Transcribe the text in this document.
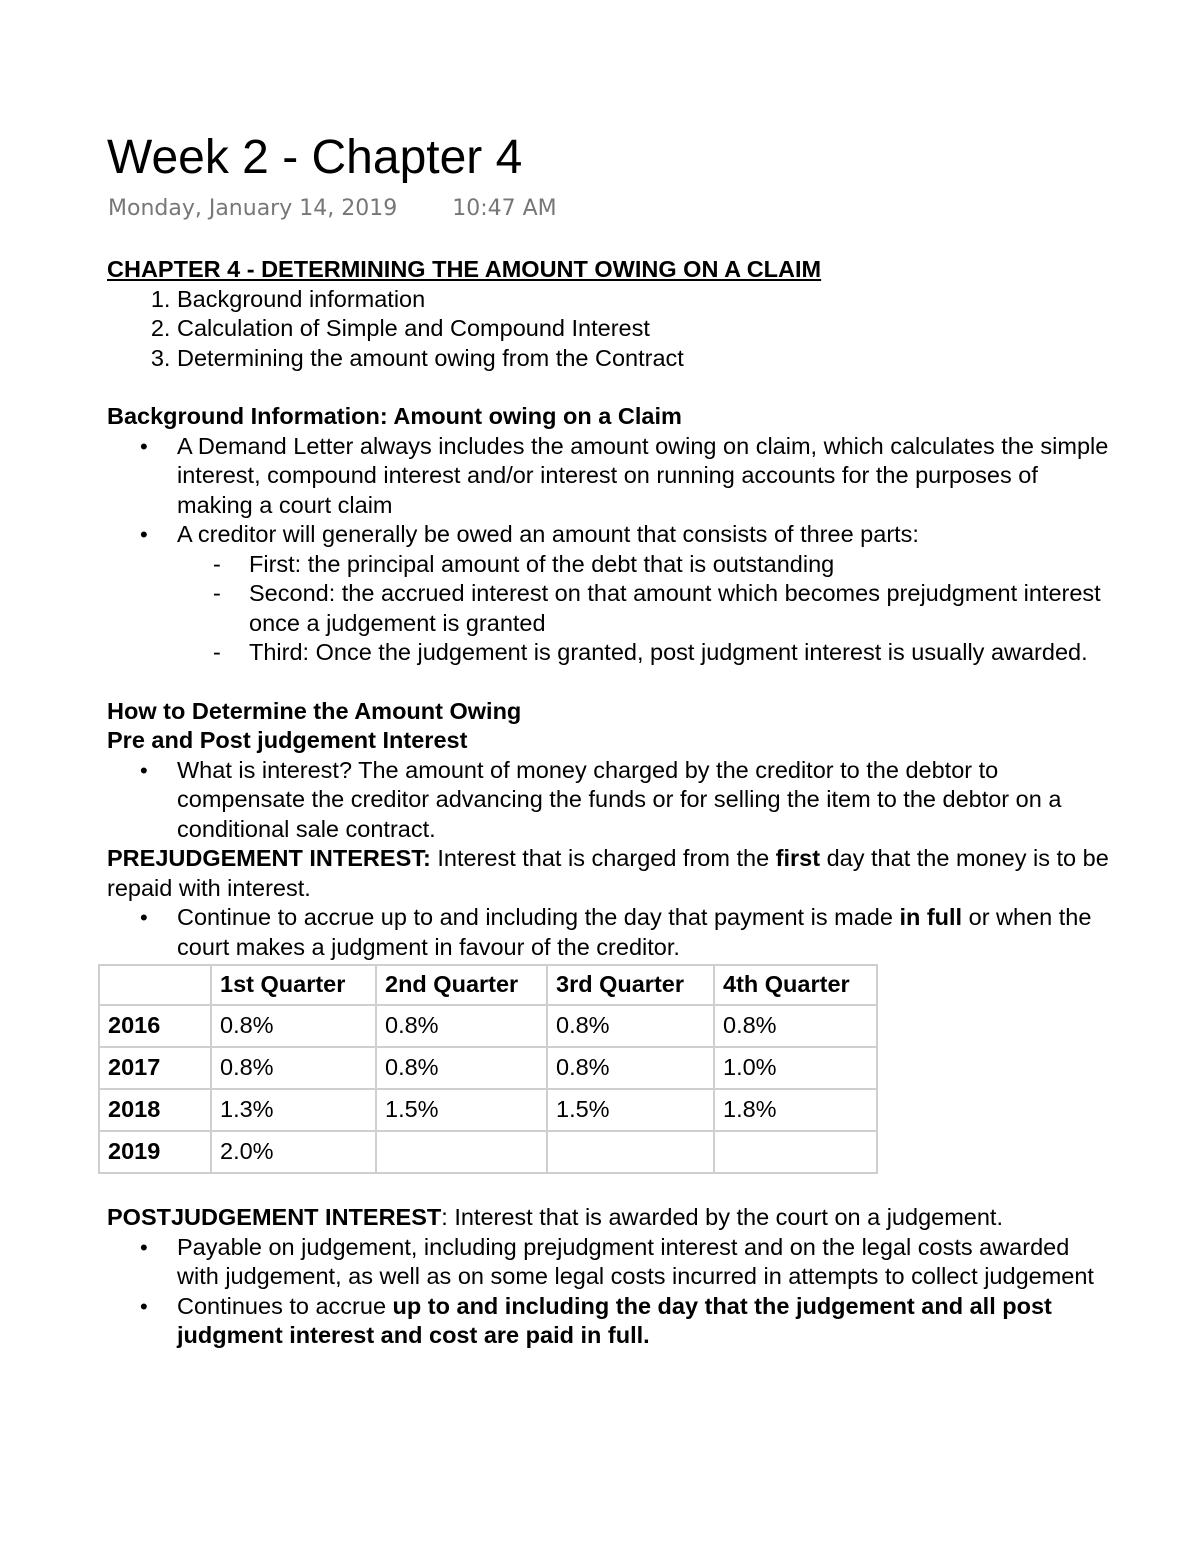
Week 2 - Chapter 4
Monday, January 14, 2019	10:47 AM

CHAPTER 4 - DETERMINING THE AMOUNT OWING ON A CLAIM

1. Background information
2. Calculation of Simple and Compound Interest
3. Determining the amount owing from the Contract

Background Information: Amount owing on a Claim

• A Demand Letter always includes the amount owing on claim, which calculates the simple interest, compound interest and/or interest on running accounts for the purposes of making a court claim
• A creditor will generally be owed an amount that consists of three parts:
- First: the principal amount of the debt that is outstanding
- Second: the accrued interest on that amount which becomes prejudgment interest once a judgement is granted
- Third: Once the judgement is granted, post judgment interest is usually awarded.

How to Determine the Amount Owing

Pre and Post judgement Interest

• What is interest? The amount of money charged by the creditor to the debtor to compensate the creditor advancing the funds or for selling the item to the debtor on a conditional sale contract.

PREJUDGEMENT INTEREST: Interest that is charged from the first day that the money is to be repaid with interest.

• Continue to accrue up to and including the day that payment is made in full or when the court makes a judgment in favour of the creditor.
	1st Quarter	2nd Quarter	3rd Quarter	4th Quarter
2016	0.8%	0.8%	0.8%	0.8%
2017	0.8%	0.8%	0.8%	1.0%
2018	1.3%	1.5%	1.5%	1.8%
2019	2.0%			

POSTJUDGEMENT INTEREST: Interest that is awarded by the court on a judgement.

• Payable on judgement, including prejudgment interest and on the legal costs awarded with judgement, as well as on some legal costs incurred in attempts to collect judgement
• Continues to accrue up to and including the day that the judgement and all post judgment interest and cost are paid in full.
